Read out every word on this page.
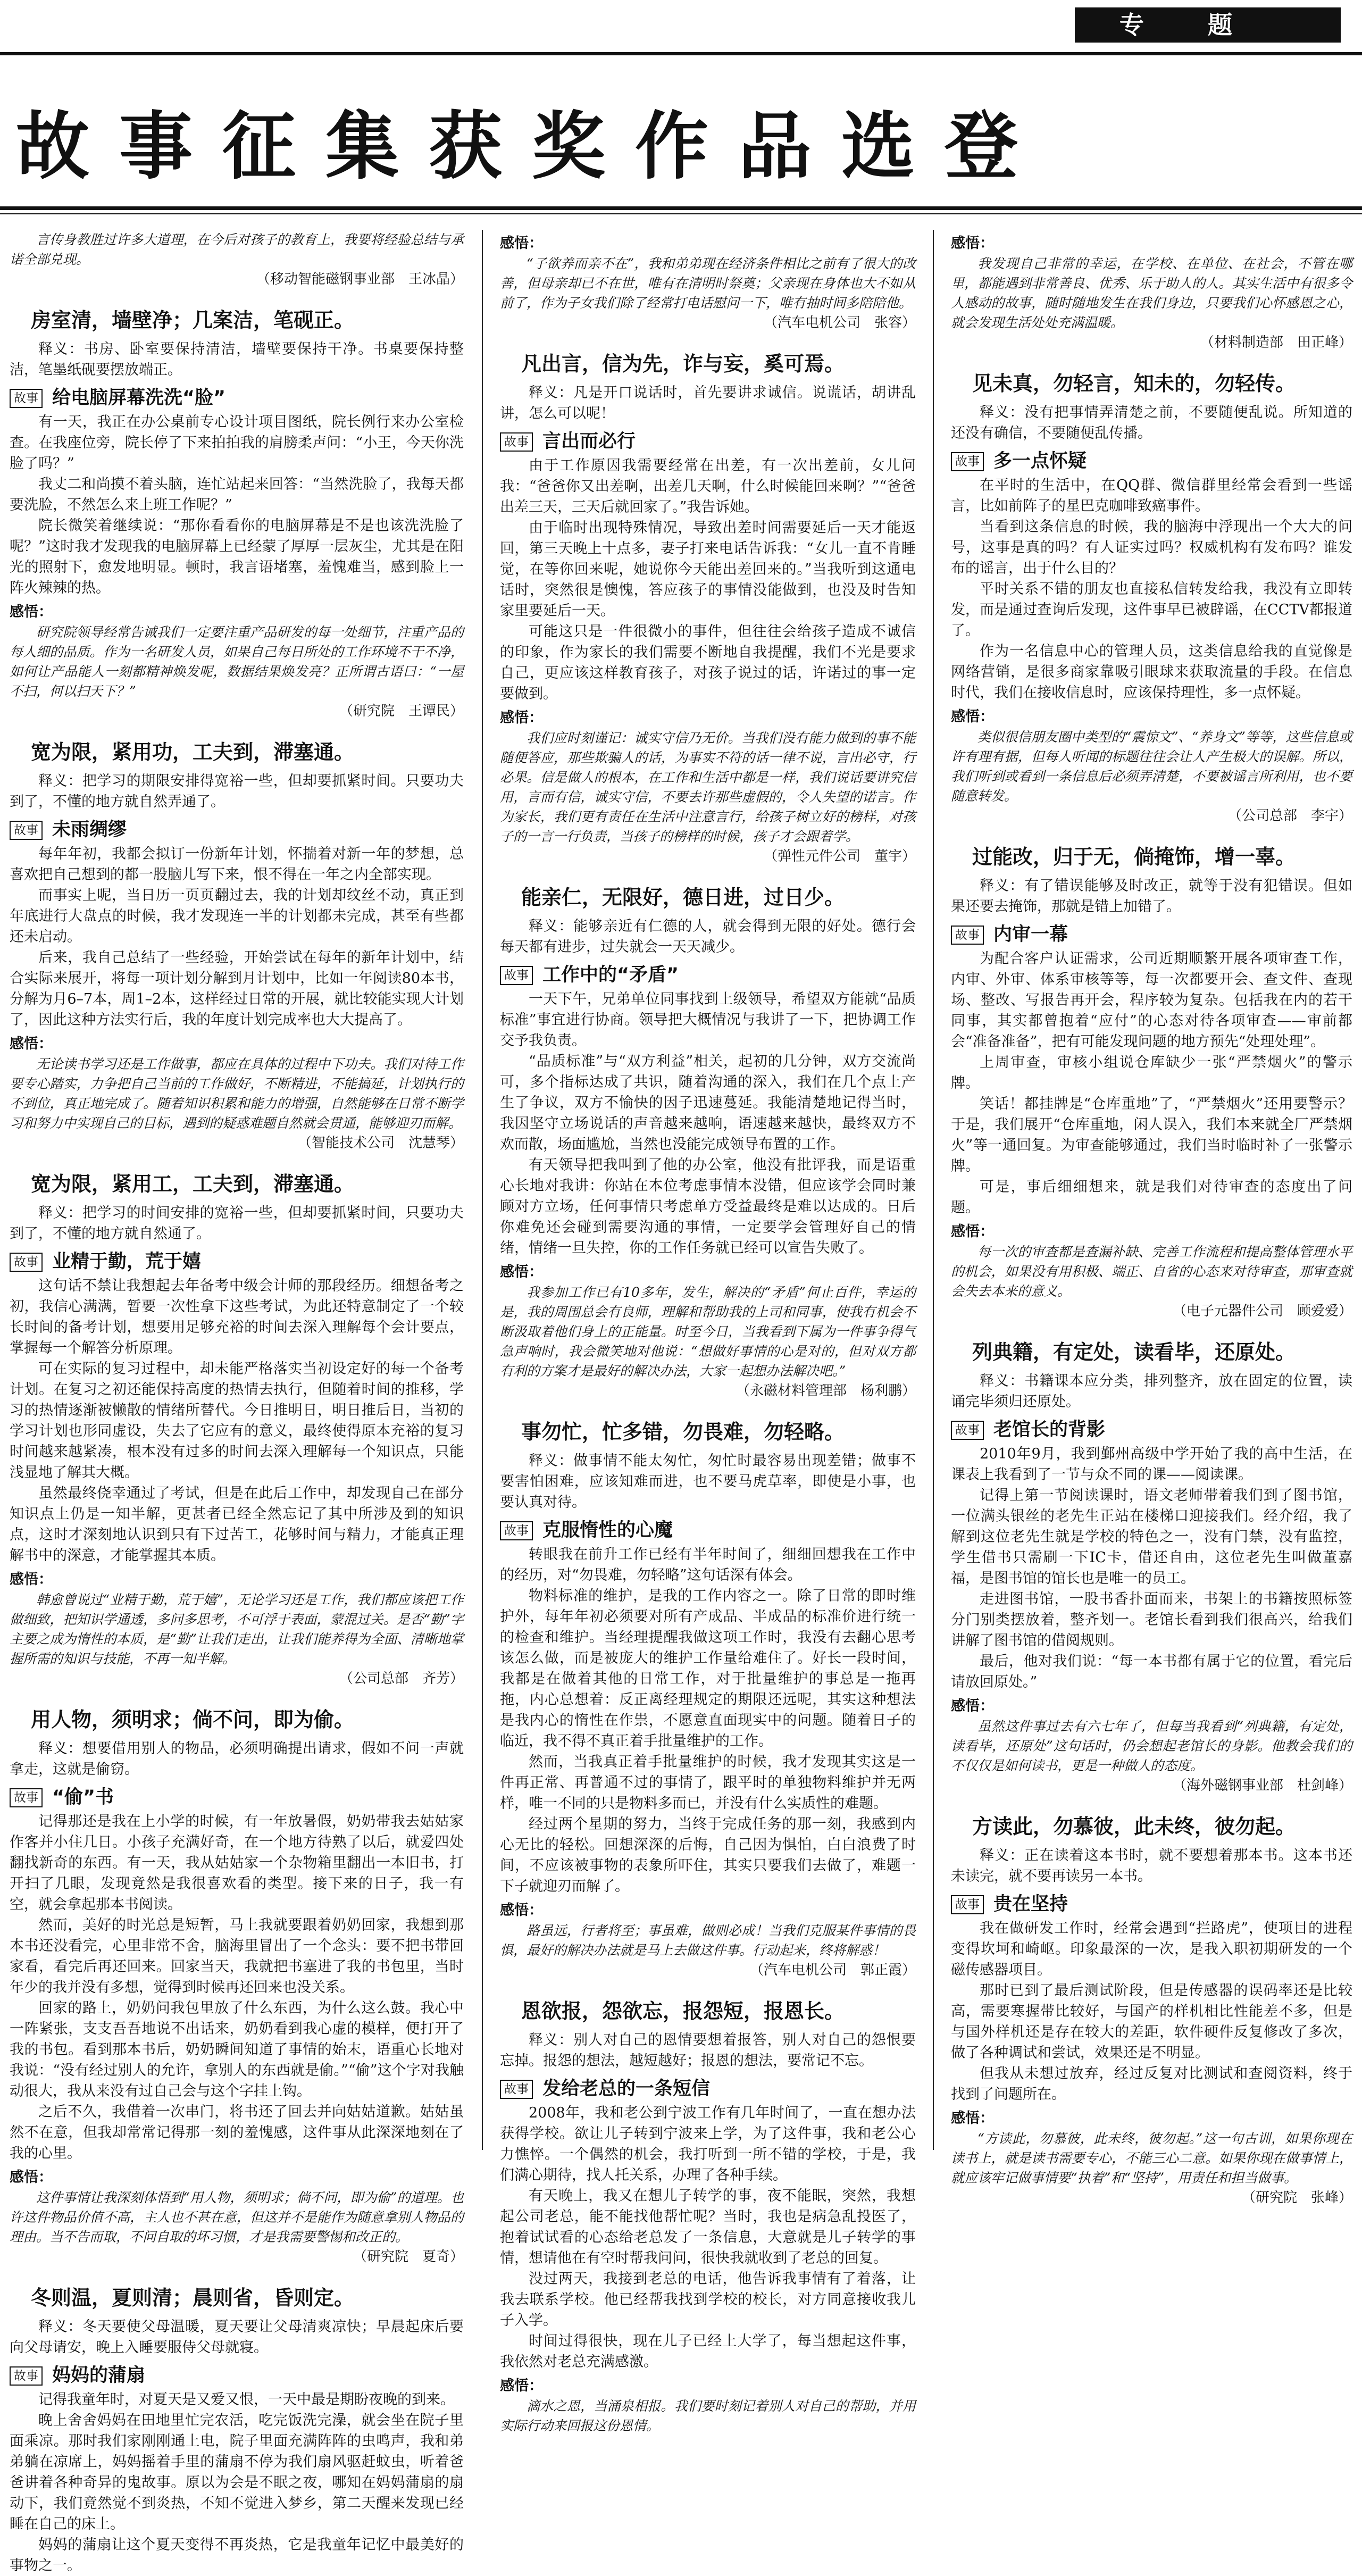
专题
故事征集获奖作品选登

言传身教胜过许多大道理，在今后对孩子的教育上，我要将经验总结与承诺全部兑现。

（移动智能磁钢事业部　王冰晶）
房室清，墙壁净；几案洁，笔砚正。

释义：书房、卧室要保持清洁，墙壁要保持干净。书桌要保持整洁，笔墨纸砚要摆放端正。

故事 给电脑屏幕洗洗“脸”

有一天，我正在办公桌前专心设计项目图纸，院长例行来办公室检查。在我座位旁，院长停了下来拍拍我的肩膀柔声问：“小王，今天你洗脸了吗？”

我丈二和尚摸不着头脑，连忙站起来回答：“当然洗脸了，我每天都要洗脸，不然怎么来上班工作呢？”

院长微笑着继续说：“那你看看你的电脑屏幕是不是也该洗洗脸了呢？”这时我才发现我的电脑屏幕上已经蒙了厚厚一层灰尘，尤其是在阳光的照射下，愈发地明显。顿时，我言语堵塞，羞愧难当，感到脸上一阵火辣辣的热。

感悟：

研究院领导经常告诫我们一定要注重产品研发的每一处细节，注重产品的每人细的品质。作为一名研发人员，如果自己每日所处的工作环境不干不净，如何让产品能人一刻都精神焕发呢，数据结果焕发亮？正所谓古语曰：“一屋不扫，何以扫天下？”

（研究院　王谭民）
宽为限，紧用功，工夫到，滞塞通。

释义：把学习的期限安排得宽裕一些，但却要抓紧时间。只要功夫到了，不懂的地方就自然弄通了。

故事 未雨绸缪

每年年初，我都会拟订一份新年计划，怀揣着对新一年的梦想，总喜欢把自己想到的都一股脑儿写下来，恨不得在一年之内全部实现。

而事实上呢，当日历一页页翻过去，我的计划却纹丝不动，真正到年底进行大盘点的时候，我才发现连一半的计划都未完成，甚至有些都还未启动。

后来，我自己总结了一些经验，开始尝试在每年的新年计划中，结合实际来展开，将每一项计划分解到月计划中，比如一年阅读80本书，分解为月6–7本，周1–2本，这样经过日常的开展，就比较能实现大计划了，因此这种方法实行后，我的年度计划完成率也大大提高了。

感悟：

无论读书学习还是工作做事，都应在具体的过程中下功夫。我们对待工作要专心踏实，力争把自己当前的工作做好，不断精进，不能搞延，计划执行的不到位，真正地完成了。随着知识积累和能力的增强，自然能够在日常不断学习和努力中实现自己的目标，遇到的疑惑难题自然就会贯通，能够迎刃而解。

（智能技术公司　沈慧琴）
宽为限，紧用工，工夫到，滞塞通。

释义：把学习的时间安排的宽裕一些，但却要抓紧时间，只要功夫到了，不懂的地方就自然通了。

故事 业精于勤，荒于嬉

这句话不禁让我想起去年备考中级会计师的那段经历。细想备考之初，我信心满满，暂要一次性拿下这些考试，为此还特意制定了一个较长时间的备考计划，想要用足够充裕的时间去深入理解每个会计要点，掌握每一个解答分析原理。

可在实际的复习过程中，却未能严格落实当初设定好的每一个备考计划。在复习之初还能保持高度的热情去执行，但随着时间的推移，学习的热情逐渐被懒散的情绪所替代。今日推明日，明日推后日，当初的学习计划也形同虚设，失去了它应有的意义，最终使得原本充裕的复习时间越来越紧凑，根本没有过多的时间去深入理解每一个知识点，只能浅显地了解其大概。

虽然最终侥幸通过了考试，但是在此后工作中，却发现自己在部分知识点上仍是一知半解，更甚者已经全然忘记了其中所涉及到的知识点，这时才深刻地认识到只有下过苦工，花够时间与精力，才能真正理解书中的深意，才能掌握其本质。

感悟：

韩愈曾说过“业精于勤，荒于嬉”，无论学习还是工作，我们都应该把工作做细致，把知识学通透，多问多思考，不可浮于表面，蒙混过关。是否“勤”字主要之成为惰性的本质，是“勤”让我们走出，让我们能养得为全面、清晰地掌握所需的知识与技能，不再一知半解。

（公司总部　齐芳）
用人物，须明求；倘不问，即为偷。

释义：想要借用别人的物品，必须明确提出请求，假如不问一声就拿走，这就是偷窃。

故事 “偷”书

记得那还是我在上小学的时候，有一年放暑假，奶奶带我去姑姑家作客并小住几日。小孩子充满好奇，在一个地方待熟了以后，就爱四处翻找新奇的东西。有一天，我从姑姑家一个杂物箱里翻出一本旧书，打开扫了几眼，发现竟然是我很喜欢看的类型。接下来的日子，我一有空，就会拿起那本书阅读。

然而，美好的时光总是短暂，马上我就要跟着奶奶回家，我想到那本书还没看完，心里非常不舍，脑海里冒出了一个念头：要不把书带回家看，看完后再还回来。回家当天，我就把书塞进了我的书包里，当时年少的我并没有多想，觉得到时候再还回来也没关系。

回家的路上，奶奶问我包里放了什么东西，为什么这么鼓。我心中一阵紧张，支支吾吾地说不出话来，奶奶看到我心虚的模样，便打开了我的书包。看到那本书后，奶奶瞬间知道了事情的始末，语重心长地对我说：“没有经过别人的允许，拿别人的东西就是偷。”“偷”这个字对我触动很大，我从来没有过自己会与这个字挂上钩。

之后不久，我借着一次串门，将书还了回去并向姑姑道歉。姑姑虽然不在意，但我却常常记得那一刻的羞愧感，这件事从此深深地刻在了我的心里。

感悟：

这件事情让我深刻体悟到“用人物，须明求；倘不问，即为偷”的道理。也许这件物品价值不高，主人也不甚在意，但这并不是能作为随意拿别人物品的理由。当不告而取，不问自取的坏习惯，才是我需要警惕和改正的。

（研究院　夏奇）
冬则温，夏则清；晨则省，昏则定。

释义：冬天要使父母温暖，夏天要让父母清爽凉快；早晨起床后要向父母请安，晚上入睡要服侍父母就寝。

故事 妈妈的蒲扇

记得我童年时，对夏天是又爱又恨，一天中最是期盼夜晚的到来。

晚上舍舍妈妈在田地里忙完农活，吃完饭洗完澡，就会坐在院子里面乘凉。那时我们家刚刚通上电，院子里面充满阵阵的虫鸣声，我和弟弟躺在凉席上，妈妈摇着手里的蒲扇不停为我们扇风驱赶蚊虫，听着爸爸讲着各种奇异的鬼故事。原以为会是不眠之夜，哪知在妈妈蒲扇的扇动下，我们竟然觉不到炎热，不知不觉进入梦乡，第二天醒来发现已经睡在自己的床上。

妈妈的蒲扇让这个夏天变得不再炎热，它是我童年记忆中最美好的事物之一。

感悟：

“子欲养而亲不在”，我和弟弟现在经济条件相比之前有了很大的改善，但母亲却已不在世，唯有在清明时祭奠；父亲现在身体也大不如从前了，作为子女我们除了经常打电话慰问一下，唯有抽时间多陪陪他。

（汽车电机公司　张容）
凡出言，信为先，诈与妄，奚可焉。

释义：凡是开口说话时，首先要讲求诚信。说谎话，胡讲乱讲，怎么可以呢！

故事 言出而必行

由于工作原因我需要经常在出差，有一次出差前，女儿问我：“爸爸你又出差啊，出差几天啊，什么时候能回来啊？”“爸爸出差三天，三天后就回家了。”我告诉她。

由于临时出现特殊情况，导致出差时间需要延后一天才能返回，第三天晚上十点多，妻子打来电话告诉我：“女儿一直不肯睡觉，在等你回来呢，她说你今天能出差回来的。”当我听到这通电话时，突然很是懊愧，答应孩子的事情没能做到，也没及时告知家里要延后一天。

可能这只是一件很微小的事件，但往往会给孩子造成不诚信的印象，作为家长的我们需要不断地自我提醒，我们不光是要求自己，更应该这样教育孩子，对孩子说过的话，许诺过的事一定要做到。

感悟：

我们应时刻谨记：诚实守信乃无价。当我们没有能力做到的事不能随便答应，那些欺骗人的话，为事实不符的话一律不说，言出必守，行必果。信是做人的根本，在工作和生活中都是一样，我们说话要讲究信用，言而有信，诚实守信，不要去许那些虚假的，令人失望的诺言。作为家长，我们更有责任在生活中注意言行，给孩子树立好的榜样，对孩子的一言一行负责，当孩子的榜样的时候，孩子才会跟着学。

（弹性元件公司　董宇）
能亲仁，无限好，德日进，过日少。

释义：能够亲近有仁德的人，就会得到无限的好处。德行会每天都有进步，过失就会一天天减少。

故事 工作中的“矛盾”

一天下午，兄弟单位同事找到上级领导，希望双方能就“品质标准”事宜进行协商。领导把大概情况与我讲了一下，把协调工作交予我负责。

“品质标准”与“双方利益”相关，起初的几分钟，双方交流尚可，多个指标达成了共识，随着沟通的深入，我们在几个点上产生了争议，双方不愉快的因子迅速蔓延。我能清楚地记得当时，我因坚守立场说话的声音越来越响，语速越来越快，最终双方不欢而散，场面尴尬，当然也没能完成领导布置的工作。

有天领导把我叫到了他的办公室，他没有批评我，而是语重心长地对我讲：你站在本位考虑事情本没错，但应该学会同时兼顾对方立场，任何事情只考虑单方受益最终是难以达成的。日后你难免还会碰到需要沟通的事情，一定要学会管理好自己的情绪，情绪一旦失控，你的工作任务就已经可以宣告失败了。

感悟：

我参加工作已有10多年，发生，解决的“矛盾”何止百件，幸运的是，我的周围总会有良师，理解和帮助我的上司和同事，使我有机会不断汲取着他们身上的正能量。时至今日，当我看到下属为一件事争得气急声响时，我会微笑地对他说：“想做好事情的心是对的，但对双方都有利的方案才是最好的解决办法，大家一起想办法解决吧。”

（永磁材料管理部　杨利鹏）
事勿忙，忙多错，勿畏难，勿轻略。

释义：做事情不能太匆忙，匆忙时最容易出现差错；做事不要害怕困难，应该知难而进，也不要马虎草率，即使是小事，也要认真对待。

故事 克服惰性的心魔

转眼我在前升工作已经有半年时间了，细细回想我在工作中的经历，对“勿畏难，勿轻略”这句话深有体会。

物料标准的维护，是我的工作内容之一。除了日常的即时维护外，每年年初必须要对所有产成品、半成品的标准价进行统一的检查和维护。当经理提醒我做这项工作时，我没有去翻心思考该怎么做，而是被庞大的维护工作量给难住了。好长一段时间，我都是在做着其他的日常工作，对于批量维护的事总是一拖再拖，内心总想着：反正离经理规定的期限还远呢，其实这种想法是我内心的惰性在作祟，不愿意直面现实中的问题。随着日子的临近，我不得不真正着手批量维护的工作。

然而，当我真正着手批量维护的时候，我才发现其实这是一件再正常、再普通不过的事情了，跟平时的单独物料维护并无两样，唯一不同的只是物料多而已，并没有什么实质性的难题。

经过两个星期的努力，当终于完成任务的那一刻，我感到内心无比的轻松。回想深深的后悔，自己因为惧怕，白白浪费了时间，不应该被事物的表象所吓住，其实只要我们去做了，难题一下子就迎刃而解了。

感悟：

路虽远，行者将至；事虽难，做则必成！当我们克服某件事情的畏惧，最好的解决办法就是马上去做这件事。行动起来，终将解惑！

（汽车电机公司　郭正霞）
恩欲报，怨欲忘，报怨短，报恩长。

释义：别人对自己的恩情要想着报答，别人对自己的怨恨要忘掉。报怨的想法，越短越好；报恩的想法，要常记不忘。

故事 发给老总的一条短信

2008年，我和老公到宁波工作有几年时间了，一直在想办法获得学校。欲让儿子转到宁波来上学，为了这件事，我和老公心力憔悴。一个偶然的机会，我打听到一所不错的学校，于是，我们满心期待，找人托关系，办理了各种手续。

有天晚上，我又在想儿子转学的事，夜不能眠，突然，我想起公司老总，能不能找他帮忙呢？当时，我也是病急乱投医了，抱着试试看的心态给老总发了一条信息，大意就是儿子转学的事情，想请他在有空时帮我问问，很快我就收到了老总的回复。

没过两天，我接到老总的电话，他告诉我事情有了着落，让我去联系学校。他已经帮我找到学校的校长，对方同意接收我儿子入学。

时间过得很快，现在儿子已经上大学了，每当想起这件事，我依然对老总充满感激。

感悟：

滴水之恩，当涌泉相报。我们要时刻记着别人对自己的帮助，并用实际行动来回报这份恩情。

感悟：

我发现自己非常的幸运，在学校、在单位、在社会，不管在哪里，都能遇到非常善良、优秀、乐于助人的人。其实生活中有很多令人感动的故事，随时随地发生在我们身边，只要我们心怀感恩之心，就会发现生活处处充满温暖。

（材料制造部　田正峰）
见未真，勿轻言，知未的，勿轻传。

释义：没有把事情弄清楚之前，不要随便乱说。所知道的还没有确信，不要随便乱传播。

故事 多一点怀疑

在平时的生活中，在QQ群、微信群里经常会看到一些谣言，比如前阵子的星巴克咖啡致癌事件。

当看到这条信息的时候，我的脑海中浮现出一个大大的问号，这事是真的吗？有人证实过吗？权威机构有发布吗？谁发布的谣言，出于什么目的？

平时关系不错的朋友也直接私信转发给我，我没有立即转发，而是通过查询后发现，这件事早已被辟谣，在CCTV都报道了。

作为一名信息中心的管理人员，这类信息给我的直觉像是网络营销，是很多商家靠吸引眼球来获取流量的手段。在信息时代，我们在接收信息时，应该保持理性，多一点怀疑。

感悟：

类似很信朋友圈中类型的“震惊文”、“养身文”等等，这些信息或许有理有据，但每人听闻的标题往往会让人产生极大的误解。所以，我们听到或看到一条信息后必须弄清楚，不要被谣言所利用，也不要随意转发。

（公司总部　李宇）
过能改，归于无，倘掩饰，增一辜。

释义：有了错误能够及时改正，就等于没有犯错误。但如果还要去掩饰，那就是错上加错了。

故事 内审一幕

为配合客户认证需求，公司近期顺繁开展各项审查工作，内审、外审、体系审核等等，每一次都要开会、查文件、查现场、整改、写报告再开会，程序较为复杂。包括我在内的若干同事，其实都曾抱着“应付”的心态对待各项审查——审前都会“准备准备”，把有可能发现问题的地方预先“处理处理”。

上周审查，审核小组说仓库缺少一张“严禁烟火”的警示牌。

笑话！都挂牌是“仓库重地”了，“严禁烟火”还用要警示？于是，我们展开“仓库重地，闲人误入，我们本来就全厂严禁烟火”等一通回复。为审查能够通过，我们当时临时补了一张警示牌。

可是，事后细细想来，就是我们对待审查的态度出了问题。

感悟：

每一次的审查都是查漏补缺、完善工作流程和提高整体管理水平的机会，如果没有用积极、端正、自省的心态来对待审查，那审查就会失去本来的意义。

（电子元器件公司　顾爱爱）
列典籍，有定处，读看毕，还原处。

释义：书籍课本应分类，排列整齐，放在固定的位置，读诵完毕须归还原处。

故事 老馆长的背影

2010年9月，我到鄞州高级中学开始了我的高中生活，在课表上我看到了一节与众不同的课——阅读课。

记得上第一节阅读课时，语文老师带着我们到了图书馆，一位满头银丝的老先生正站在楼梯口迎接我们。经介绍，我了解到这位老先生就是学校的特色之一，没有门禁，没有监控，学生借书只需刷一下IC卡，借还自由，这位老先生叫做董嘉福，是图书馆的馆长也是唯一的员工。

走进图书馆，一股书香扑面而来，书架上的书籍按照标签分门别类摆放着，整齐划一。老馆长看到我们很高兴，给我们讲解了图书馆的借阅规则。

最后，他对我们说：“每一本书都有属于它的位置，看完后请放回原处。”

感悟：

虽然这件事过去有六七年了，但每当我看到“列典籍，有定处，读看毕，还原处”这句话时，仍会想起老馆长的身影。他教会我们的不仅仅是如何读书，更是一种做人的态度。

（海外磁钢事业部　杜剑峰）
方读此，勿慕彼，此未终，彼勿起。

释义：正在读着这本书时，就不要想着那本书。这本书还未读完，就不要再读另一本书。

故事 贵在坚持

我在做研发工作时，经常会遇到“拦路虎”，使项目的进程变得坎坷和崎岖。印象最深的一次，是我入职初期研发的一个磁传感器项目。

那时已到了最后测试阶段，但是传感器的误码率还是比较高，需要寒握带比较好，与国产的样机相比性能差不多，但是与国外样机还是存在较大的差距，软件硬件反复修改了多次，做了各种调试和尝试，效果还是不明显。

但我从未想过放弃，经过反复对比测试和查阅资料，终于找到了问题所在。

感悟：

“方读此，勿慕彼，此未终，彼勿起。”这一句古训，如果你现在读书上，就是读书需要专心，不能三心二意。如果你现在做事情上，就应该牢记做事情要“执着”和“坚持”，用责任和担当做事。

（研究院　张峰）
